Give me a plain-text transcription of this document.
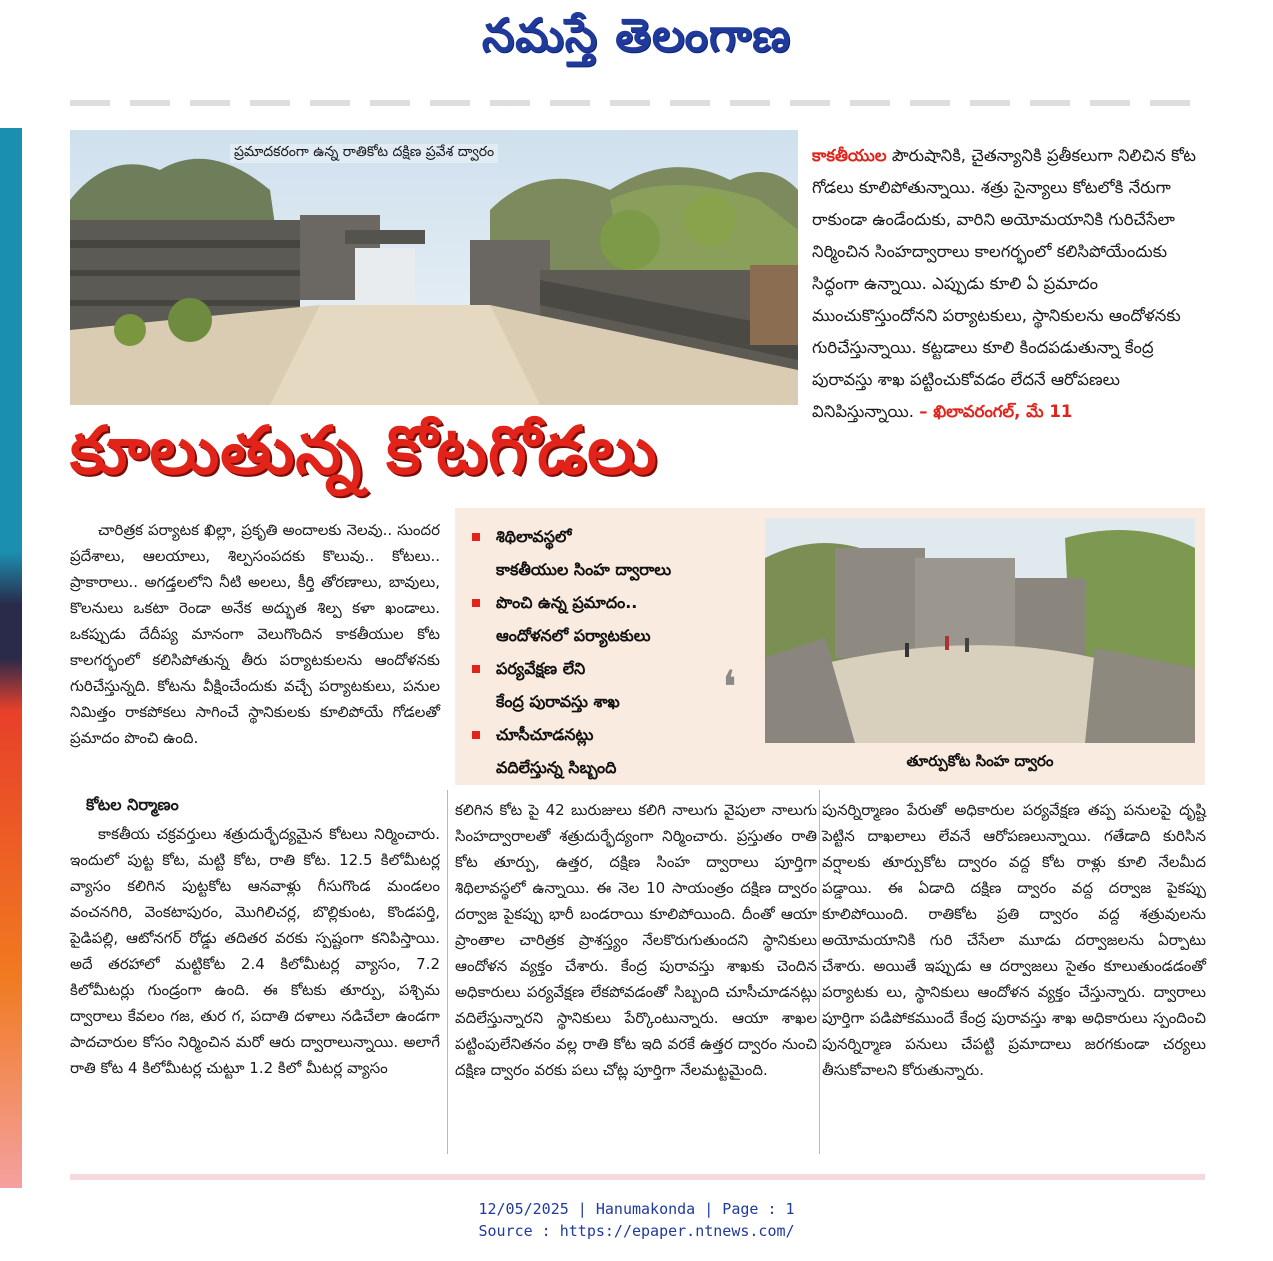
నమస్తే తెలంగాణ
ప్రమాదకరంగా ఉన్న రాతికోట దక్షిణ ప్రవేశ ద్వారం
కూలుతున్న కోటగోడలు
కాకతీయుల పౌరుషానికి, చైతన్యానికి ప్రతీకలుగా నిలిచిన కోట గోడలు కూలిపోతున్నాయి. శత్రు సైన్యాలు కోటలోకి నేరుగా రాకుండా ఉండేందుకు, వారిని అయోమయానికి గురిచేసేలా నిర్మించిన సింహద్వారాలు కాలగర్భంలో కలిసిపోయేందుకు సిద్ధంగా ఉన్నాయి. ఎప్పుడు కూలి ఏ ప్రమాదం ముంచుకొస్తుందోనని పర్యాటకులు, స్థానికులను ఆందోళనకు గురిచేస్తున్నాయి. కట్టడాలు కూలి కిందపడుతున్నా కేంద్ర పురావస్తు శాఖ పట్టించుకోవడం లేదనే ఆరోపణలు వినిపిస్తున్నాయి. – ఖిలావరంగల్, మే 11
శిథిలావస్థలో
కాకతీయుల సింహ ద్వారాలు
పొంచి ఉన్న ప్రమాదం..
ఆందోళనలో పర్యాటకులు
పర్యవేక్షణ లేని
కేంద్ర పురావస్తు శాఖ
చూసీచూడనట్లు
వదిలేస్తున్న సిబ్బంది
❛
తూర్పుకోట సింహ ద్వారం

చారిత్రక పర్యాటక ఖిల్లా, ప్రకృతి అందాలకు నెలవు.. సుందర ప్రదేశాలు, ఆలయాలు, శిల్పసంపదకు కొలువు.. కోటలు.. ప్రాకారాలు.. అగడ్తలలోని నీటి అలలు, కీర్తి తోరణాలు, బావులు, కొలనులు ఒకటా రెండా అనేక అద్భుత శిల్ప కళా ఖండాలు. ఒకప్పుడు దేదీప్య మానంగా వెలుగొందిన కాకతీయుల కోట కాలగర్భంలో కలిసిపోతున్న తీరు పర్యాటకులను ఆందోళనకు గురిచేస్తున్నది. కోటను వీక్షించేందుకు వచ్చే పర్యాటకులు, పనుల నిమిత్తం రాకపోకలు సాగించే స్థానికులకు కూలిపోయే గోడలతో ప్రమాదం పొంచి ఉంది.

కోటల నిర్మాణం

కాకతీయ చక్రవర్తులు శత్రుదుర్భేద్యమైన కోటలు నిర్మించారు. ఇందులో పుట్ట కోట, మట్టి కోట, రాతి కోట. 12.5 కిలోమీటర్ల వ్యాసం కలిగిన పుట్టకోట ఆనవాళ్లు గీసుగొండ మండలం వంచనగిరి, వెంకటాపురం, మొగిలిచర్ల, బొల్లికుంట, కొండపర్తి, పైడిపల్లి, ఆటోనగర్ రోడ్డు తదితర వరకు స్పష్టంగా కనిపిస్తాయి. అదే తరహాలో మట్టికోట 2.4 కిలోమీటర్ల వ్యాసం, 7.2 కిలోమీటర్లు గుండ్రంగా ఉంది. ఈ కోటకు తూర్పు, పశ్చిమ ద్వారాలు కేవలం గజ, తుర గ, పదాతి దళాలు నడిచేలా ఉండగా పాదచారుల కోసం నిర్మించిన మరో ఆరు ద్వారాలున్నాయి. అలాగే రాతి కోట 4 కిలోమీటర్ల చుట్టూ 1.2 కిలో మీటర్ల వ్యాసం

కలిగిన కోట పై 42 బురుజులు కలిగి నాలుగు వైపులా నాలుగు సింహద్వారాలతో శత్రుదుర్భేద్యంగా నిర్మించారు. ప్రస్తుతం రాతి కోట తూర్పు, ఉత్తర, దక్షిణ సింహ ద్వారాలు పూర్తిగా శిథిలావస్థలో ఉన్నాయి. ఈ నెల 10 సాయంత్రం దక్షిణ ద్వారం దర్వాజ పైకప్పు భారీ బండరాయి కూలిపోయింది. దీంతో ఆయా ప్రాంతాల చారిత్రక ప్రాశస్త్యం నేలకొరుగుతుందని స్థానికులు ఆందోళన వ్యక్తం చేశారు. కేంద్ర పురావస్తు శాఖకు చెందిన అధికారులు పర్యవేక్షణ లేకపోవడంతో సిబ్బంది చూసీచూడనట్లు వదిలేస్తున్నారని స్థానికులు పేర్కొంటున్నారు. ఆయా శాఖల పట్టింపులేనితనం వల్ల రాతి కోట ఇది వరకే ఉత్తర ద్వారం నుంచి దక్షిణ ద్వారం వరకు పలు చోట్ల పూర్తిగా నేలమట్టమైంది.

పునర్నిర్మాణం పేరుతో అధికారుల పర్యవేక్షణ తప్ప పనులపై దృష్టి పెట్టిన దాఖలాలు లేవనే ఆరోపణలున్నాయి. గతేడాది కురిసిన వర్షాలకు తూర్పుకోట ద్వారం వద్ద కోట రాళ్లు కూలి నేలమీద పడ్డాయి. ఈ ఏడాది దక్షిణ ద్వారం వద్ద దర్వాజ పైకప్పు కూలిపోయింది. రాతికోట ప్రతి ద్వారం వద్ద శత్రువులను అయోమయానికి గురి చేసేలా మూడు దర్వాజలను ఏర్పాటు చేశారు. అయితే ఇప్పుడు ఆ దర్వాజలు సైతం కూలుతుండడంతో పర్యాటకు లు, స్థానికులు ఆందోళన వ్యక్తం చేస్తున్నారు. ద్వారాలు పూర్తిగా పడిపోకముందే కేంద్ర పురావస్తు శాఖ అధికారులు స్పందించి పునర్నిర్మాణ పనులు చేపట్టి ప్రమాదాలు జరగకుండా చర్యలు తీసుకోవాలని కోరుతున్నారు.

12/05/2025 | Hanumakonda | Page : 1
Source : https://epaper.ntnews.com/
